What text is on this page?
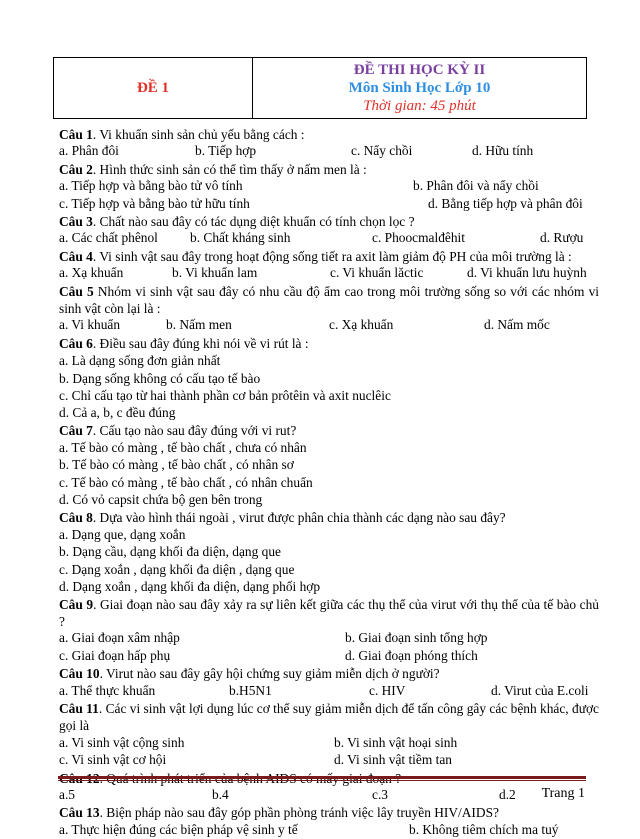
ĐỀ 1
ĐỀ THI HỌC KỲ II
Môn Sinh Học Lớp 10
Thời gian: 45 phút
Câu 1. Vi khuẩn sinh sản chủ yếu bằng cách :
a. Phân đôi	b. Tiếp hợp	c. Nẩy chồi	d. Hữu tính
Câu 2. Hình thức sinh sản có thể tìm thấy ở nấm men là :
a. Tiếp hợp và bằng bào tử vô tính	b. Phân đôi và nẩy chồi
c. Tiếp hợp và bằng bào tử hữu tính	d. Bằng tiếp hợp và phân đôi
Câu 3. Chất nào sau đây có tác dụng diệt khuẩn có tính chọn lọc ?
a. Các chất phênol b. Chất kháng sinh	c. Phoocmalđêhit	d. Rượu
Câu 4. Vi sinh vật sau đây trong hoạt động sống tiết ra axit làm giảm độ PH của môi trường là :
a. Xạ khuẩn	b. Vi khuẩn lam	c. Vi khuẩn lăctic	d. Vi khuẩn lưu huỳnh
Câu 5 Nhóm vi sinh vật sau đây có nhu cầu độ ẩm cao trong môi trường sống so với các nhóm vi sinh vật còn lại là :
a. Vi khuẩn	b. Nấm men	c. Xạ khuẩn	d. Nấm mốc
Câu 6. Điều sau đây đúng khi nói về vi rút là :
a. Là dạng sống đơn giản nhất
b. Dạng sống không có cấu tạo tế bào
c. Chỉ cấu tạo từ hai thành phần cơ bản prôtêin và axit nuclêic
d. Cả a, b, c đều đúng
Câu 7. Cấu tạo nào sau đây đúng với vi rut?
a. Tế bào có màng , tế bào chất , chưa có nhân
b. Tế bào có màng , tế bào chất , có nhân sơ
c. Tế bào có màng , tế bào chất , có nhân chuẩn
d. Có vỏ capsit chứa bộ gen bên trong
Câu 8. Dựa vào hình thái ngoài , virut được phân chia thành các dạng nào sau đây?
a. Dạng que, dạng xoắn
b. Dạng cầu, dạng khối đa diện, dạng que
c. Dạng xoắn , dạng khối đa diện , dạng que
d. Dạng xoắn , dạng khối đa diện, dạng phối hợp
Câu 9. Giai đoạn nào sau đây xảy ra sự liên kết giữa các thụ thể của virut với thụ thể của tế bào chủ ?
a. Giai đoạn xâm nhập	b. Giai đoạn sinh tổng hợp
c. Giai đoạn hấp phụ	d. Giai đoạn phóng thích
Câu 10. Virut nào sau đây gây hội chứng suy giảm miễn dịch ở người?
a. Thể thực khuẩn	b.H5N1	c. HIV	d. Virut của E.coli
Câu 11. Các vi sinh vật lợi dụng lúc cơ thể suy giảm miễn dịch để tấn công gây các bệnh khác, được gọi là
a. Vi sinh vật cộng sinh	b. Vi sinh vật hoại sinh
c. Vi sinh vật cơ hội	d. Vi sinh vật tiềm tan
a.5	b.4	c.3	d.2
Câu 13. Biện pháp nào sau đây góp phần phòng tránh việc lây truyền HIV/AIDS?
a. Thực hiện đúng các biện pháp vệ sinh y tế	b. Không tiêm chích ma tuý
Trang 1
